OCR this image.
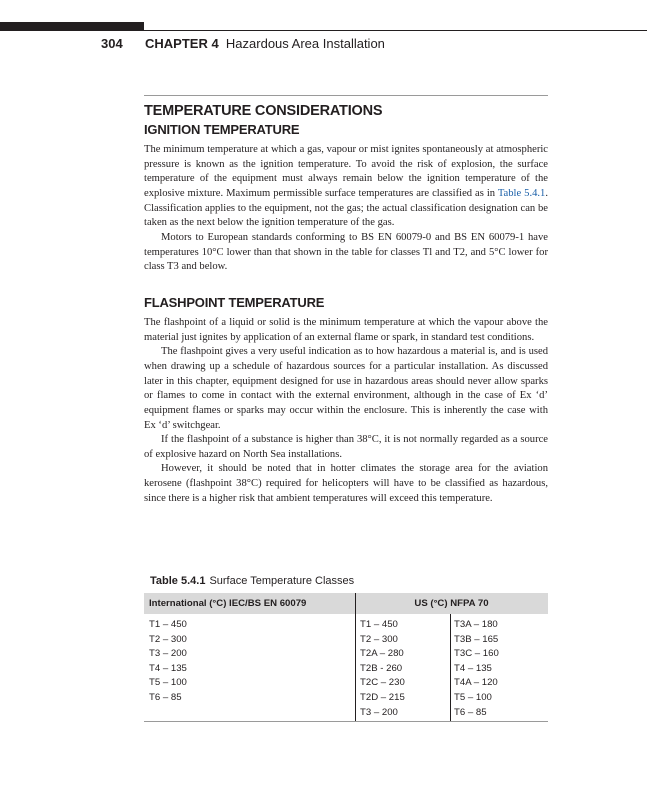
304 CHAPTER 4 Hazardous Area Installation
TEMPERATURE CONSIDERATIONS
IGNITION TEMPERATURE

The minimum temperature at which a gas, vapour or mist ignites spontaneously at atmospheric pressure is known as the ignition temperature. To avoid the risk of explosion, the surface temperature of the equipment must always remain below the ignition temperature of the explosive mixture. Maximum permissible surface temperatures are classified as in Table 5.4.1. Classification applies to the equipment, not the gas; the actual classification designation can be taken as the next below the ignition temperature of the gas.

Motors to European standards conforming to BS EN 60079-0 and BS EN 60079-1 have temperatures 10°C lower than that shown in the table for classes Tl and T2, and 5°C lower for class T3 and below.

FLASHPOINT TEMPERATURE

The flashpoint of a liquid or solid is the minimum temperature at which the vapour above the material just ignites by application of an external flame or spark, in standard test conditions.

The flashpoint gives a very useful indication as to how hazardous a material is, and is used when drawing up a schedule of hazardous sources for a particular installation. As discussed later in this chapter, equipment designed for use in hazardous areas should never allow sparks or flames to come in contact with the external environment, although in the case of Ex ‘d’ equipment flames or sparks may occur within the enclosure. This is inherently the case with Ex ‘d’ switchgear.

If the flashpoint of a substance is higher than 38°C, it is not normally regarded as a source of explosive hazard on North Sea installations.

However, it should be noted that in hotter climates the storage area for the aviation kerosene (flashpoint 38°C) required for helicopters will have to be classified as hazardous, since there is a higher risk that ambient temperatures will exceed this temperature.

Table 5.4.1 Surface Temperature Classes
International (°C) IEC/BS EN 60079	US (°C) NFPA 70
T1 – 450
T2 – 300
T3 – 200
T4 – 135
T5 – 100
T6 – 85
T1 – 450
T2 – 300
T2A – 280
T2B - 260
T2C – 230
T2D – 215
T3 – 200
T3A – 180
T3B – 165
T3C – 160
T4 – 135
T4A – 120
T5 – 100
T6 – 85
